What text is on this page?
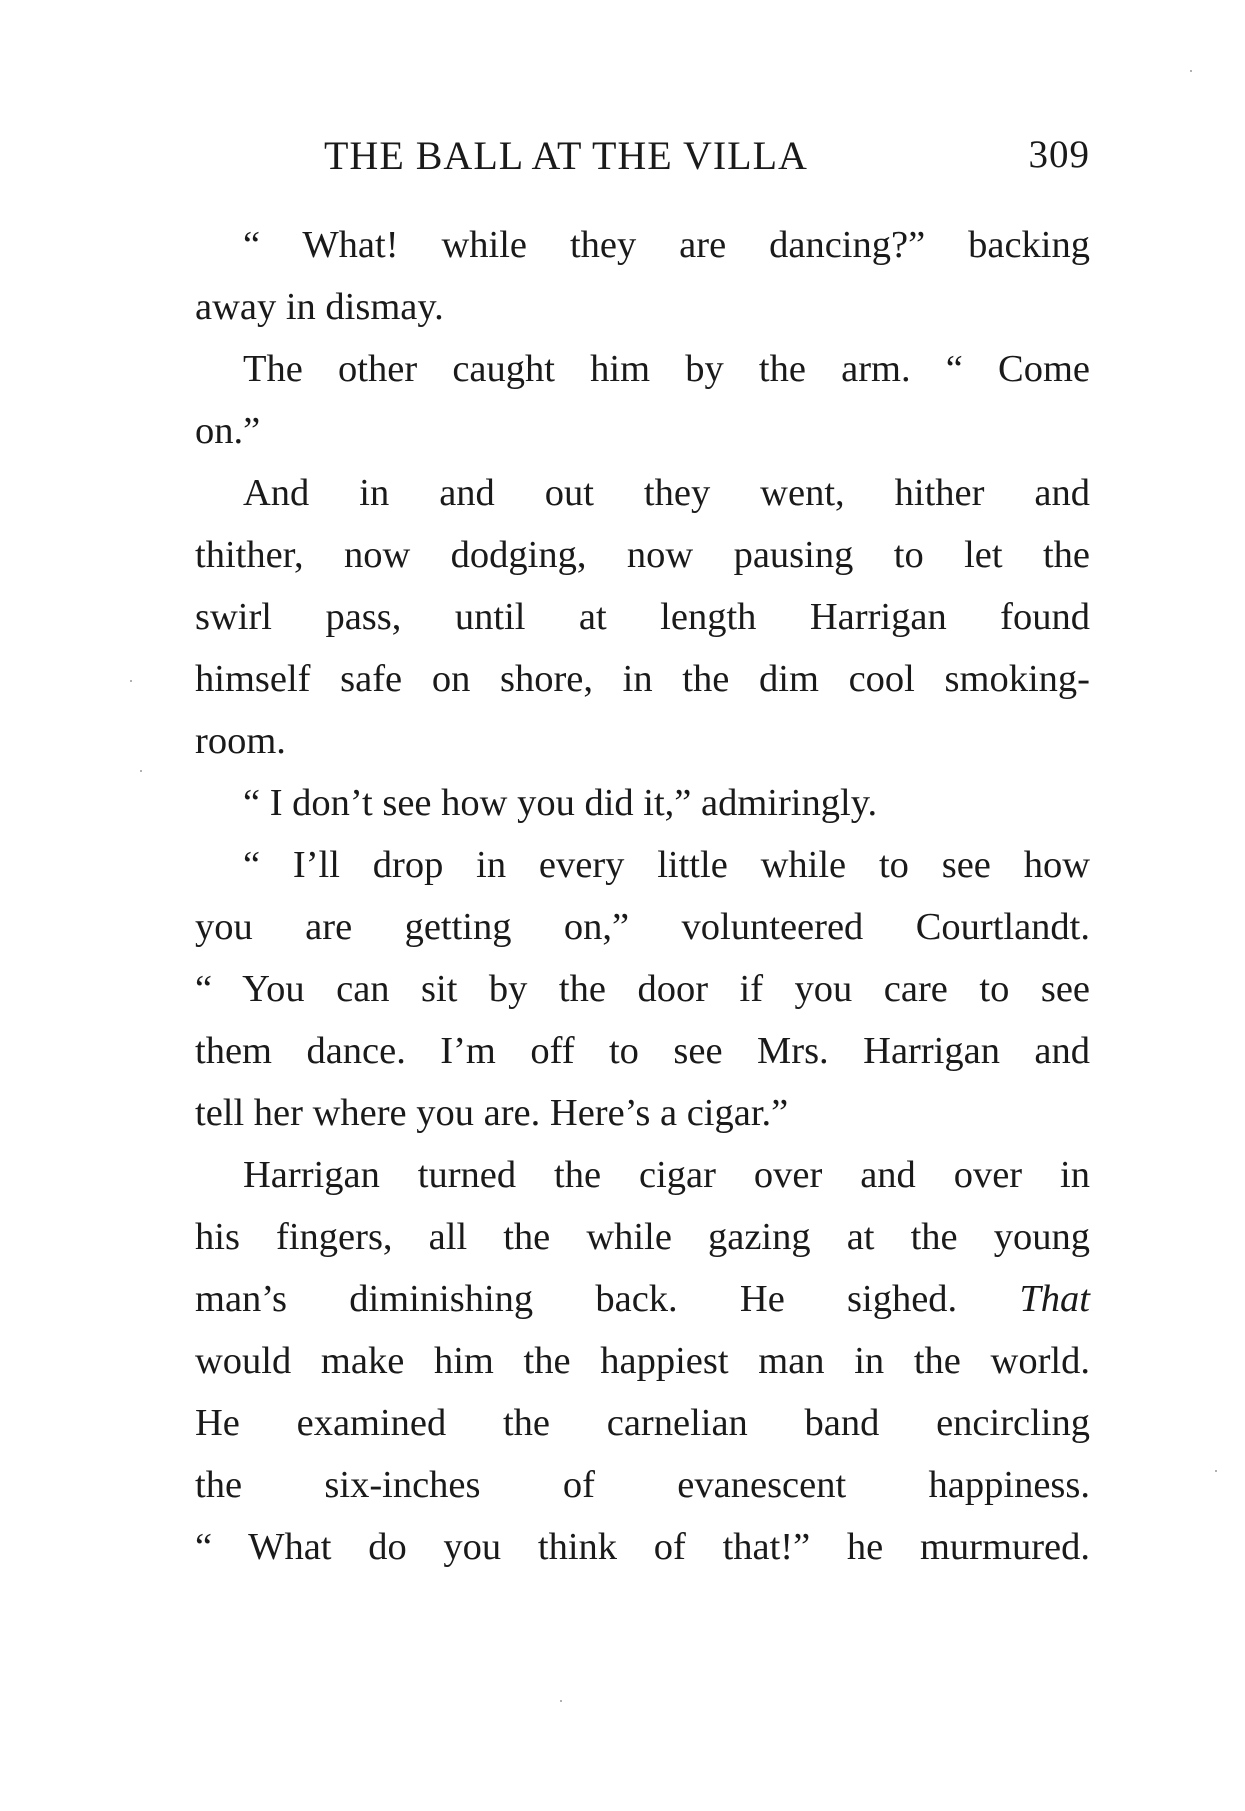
THE BALL AT THE VILLA	309
“ What! while they are dancing?” backing
away in dismay.
The other caught him by the arm. “ Come
on.”
And in and out they went, hither and
thither, now dodging, now pausing to let the
swirl pass, until at length Harrigan found
himself safe on shore, in the dim cool smoking-
room.
“ I don’t see how you did it,” admiringly.
“ I’ll drop in every little while to see how
you are getting on,” volunteered Courtlandt.
“ You can sit by the door if you care to see
them dance. I’m off to see Mrs. Harrigan and
tell her where you are. Here’s a cigar.”
Harrigan turned the cigar over and over in
his fingers, all the while gazing at the young
man’s diminishing back. He sighed. That
would make him the happiest man in the world.
He examined the carnelian band encircling
the six-inches of evanescent happiness.
“ What do you think of that!” he murmured.
